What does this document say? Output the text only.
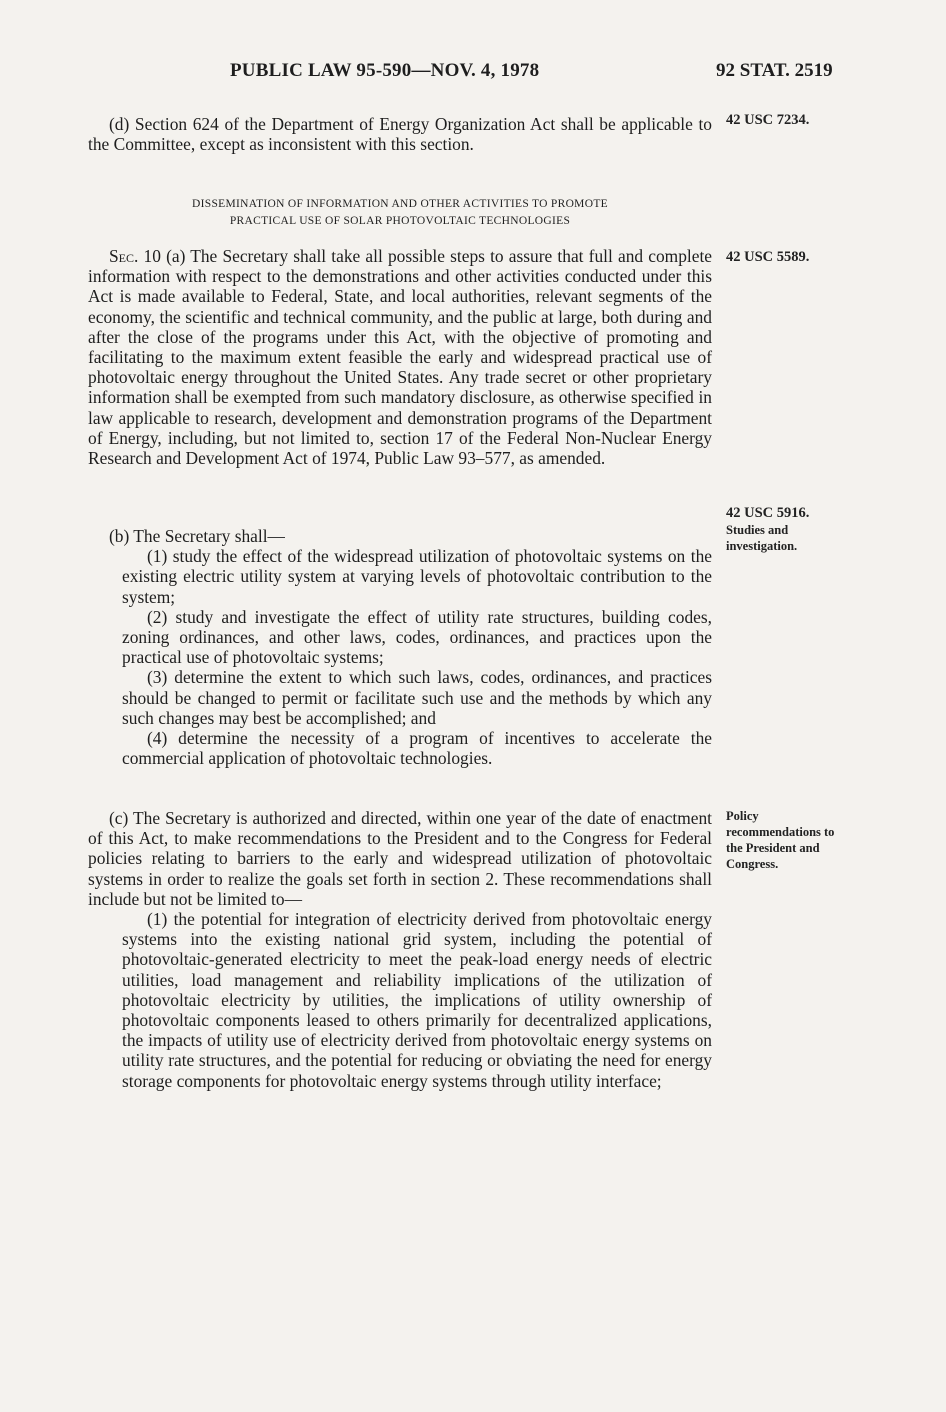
PUBLIC LAW 95-590—NOV. 4, 1978	92 STAT. 2519

(d) Section 624 of the Department of Energy Organization Act shall be applicable to the Committee, except as inconsistent with this section.

42 USC 7234.
DISSEMINATION OF INFORMATION AND OTHER ACTIVITIES TO PROMOTE
PRACTICAL USE OF SOLAR PHOTOVOLTAIC TECHNOLOGIES

Sec. 10 (a) The Secretary shall take all possible steps to assure that full and complete information with respect to the demonstrations and other activities conducted under this Act is made available to Federal, State, and local authorities, relevant segments of the economy, the scientific and technical community, and the public at large, both during and after the close of the programs under this Act, with the objective of promoting and facilitating to the maximum extent feasible the early and widespread practical use of photovoltaic energy throughout the United States. Any trade secret or other proprietary information shall be exempted from such mandatory disclosure, as otherwise specified in law applicable to research, development and demonstration programs of the Department of Energy, including, but not limited to, section 17 of the Federal Non-Nuclear Energy Research and Development Act of 1974, Public Law 93–577, as amended.

42 USC 5589.

(b) The Secretary shall—

(1) study the effect of the widespread utilization of photovoltaic systems on the existing electric utility system at varying levels of photovoltaic contribution to the system;

(2) study and investigate the effect of utility rate structures, building codes, zoning ordinances, and other laws, codes, ordinances, and practices upon the practical use of photovoltaic systems;

(3) determine the extent to which such laws, codes, ordinances, and practices should be changed to permit or facilitate such use and the methods by which any such changes may best be accomplished; and

(4) determine the necessity of a program of incentives to accelerate the commercial application of photovoltaic technologies.

42 USC 5916.
Studies and investigation.

(c) The Secretary is authorized and directed, within one year of the date of enactment of this Act, to make recommendations to the President and to the Congress for Federal policies relating to barriers to the early and widespread utilization of photovoltaic systems in order to realize the goals set forth in section 2. These recommendations shall include but not be limited to—

(1) the potential for integration of electricity derived from photovoltaic energy systems into the existing national grid system, including the potential of photovoltaic-generated electricity to meet the peak-load energy needs of electric utilities, load management and reliability implications of the utilization of photovoltaic electricity by utilities, the implications of utility ownership of photovoltaic components leased to others primarily for decentralized applications, the impacts of utility use of electricity derived from photovoltaic energy systems on utility rate structures, and the potential for reducing or obviating the need for energy storage components for photovoltaic energy systems through utility interface;

Policy recommendations to the President and Congress.
